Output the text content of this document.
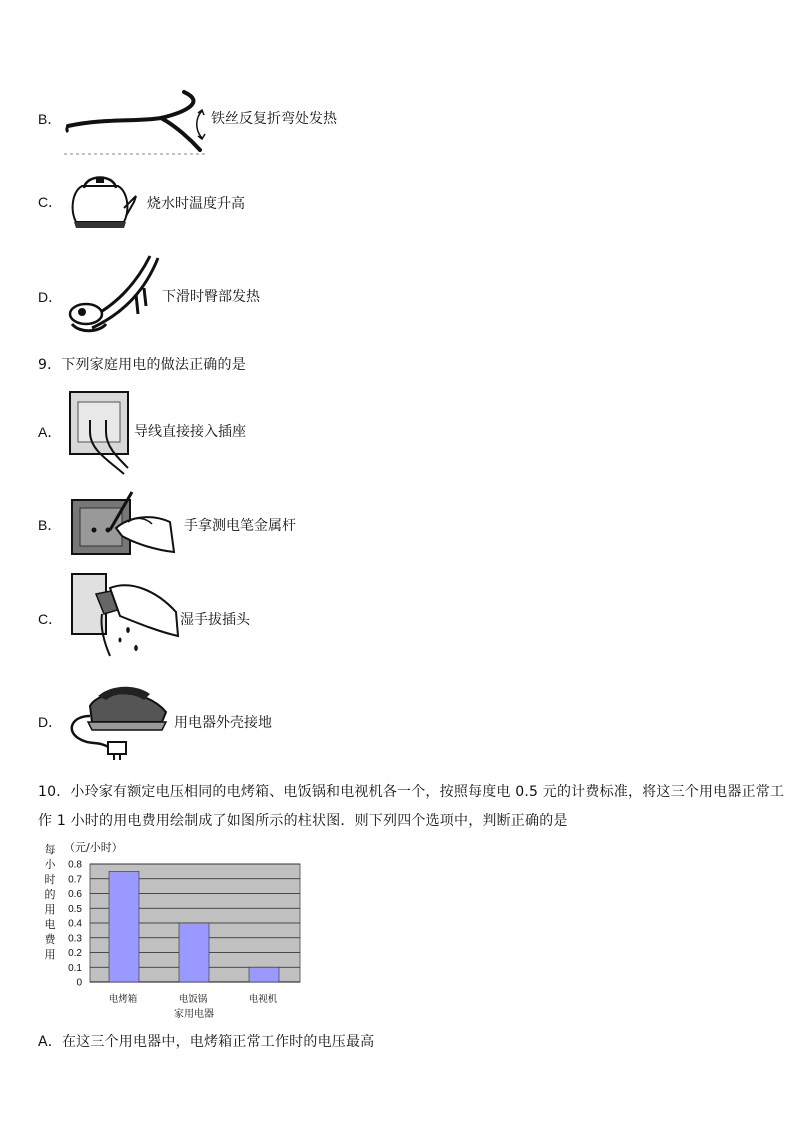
B．	铁丝反复折弯处发热
C．	烧水时温度升高
D．	下滑时臀部发热
9．下列家庭用电的做法正确的是
A．	导线直接接入插座
B．	手拿测电笔金属杆
C．	湿手拔插头
D．	用电器外壳接地
10．小玲家有额定电压相同的电烤箱、电饭锅和电视机各一个，按照每度电 0.5 元的计费标准，将这三个用电器正常工
作 1 小时的用电费用绘制成了如图所示的柱状图．则下列四个选项中，判断正确的是
每小时的用电费用
（元/小时）
0
0.1
0.2
0.3
0.4
0.5
0.6
0.7
0.8
电烤箱	电饭锅	电视机
家用电器
A．在这三个用电器中，电烤箱正常工作时的电压最高
